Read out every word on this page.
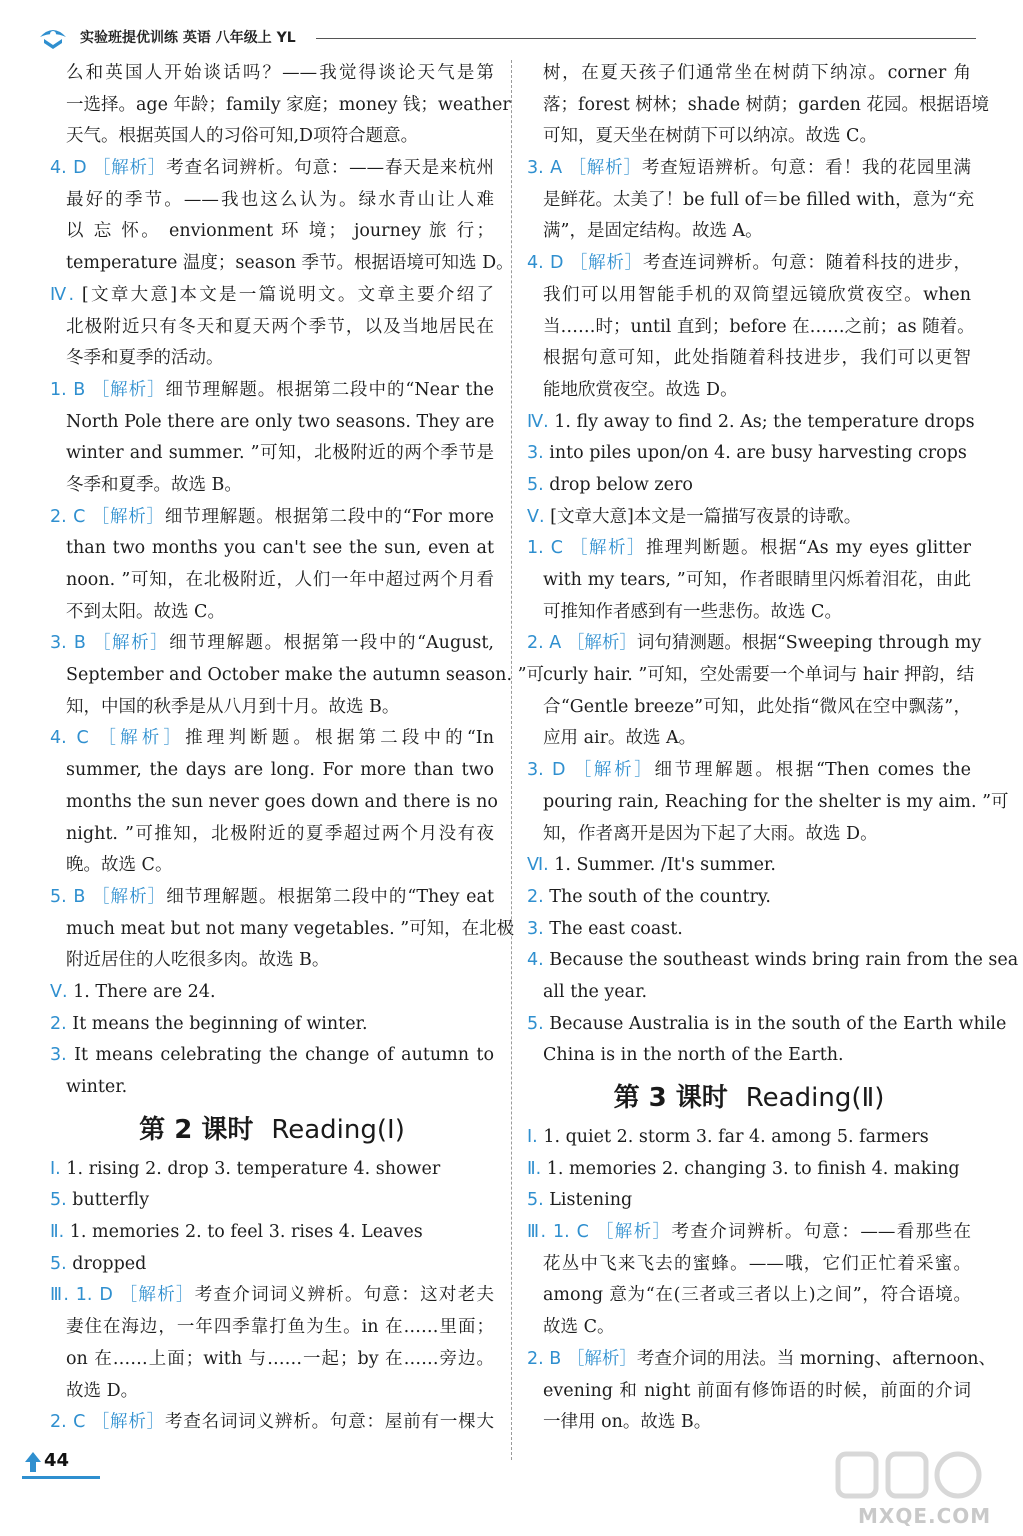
实验班提优训练 英语 八年级上 YL
么和英国人开始谈话吗？——我觉得谈论天气是第
一选择。age 年龄；family 家庭；money 钱；weather
天气。根据英国人的习俗可知,D项符合题意。
4. D ［解析］考查名词辨析。句意：——春天是来杭州
最好的季节。——我也这么认为。绿水青山让人难
以 忘 怀。 envionment 环 境； journey 旅 行；
temperature 温度；season 季节。根据语境可知选 D。
Ⅳ. [文章大意]本文是一篇说明文。文章主要介绍了
北极附近只有冬天和夏天两个季节，以及当地居民在
冬季和夏季的活动。
1. B ［解析］细节理解题。根据第二段中的“Near the
North Pole there are only two seasons. They are
winter and summer. ”可知，北极附近的两个季节是
冬季和夏季。故选 B。
2. C ［解析］细节理解题。根据第二段中的“For more
than two months you can't see the sun, even at
noon. ”可知，在北极附近，人们一年中超过两个月看
不到太阳。故选 C。
3. B ［解析］细节理解题。根据第一段中的“August,
September and October make the autumn season. ”可
知，中国的秋季是从八月到十月。故选 B。
4. C ［解析］推理判断题。根据第二段中的“In
summer, the days are long. For more than two
months the sun never goes down and there is no
night. ”可推知，北极附近的夏季超过两个月没有夜
晚。故选 C。
5. B ［解析］细节理解题。根据第二段中的“They eat
much meat but not many vegetables. ”可知，在北极
附近居住的人吃很多肉。故选 B。
Ⅴ. 1. There are 24.
2. It means the beginning of winter.
3. It means celebrating the change of autumn to
winter.
第 2 课时 Reading(Ⅰ)
Ⅰ. 1. rising 2. drop 3. temperature 4. shower
5. butterfly
Ⅱ. 1. memories 2. to feel 3. rises 4. Leaves
5. dropped
Ⅲ. 1. D ［解析］考查介词词义辨析。句意：这对老夫
妻住在海边，一年四季靠打鱼为生。in 在……里面；
on 在……上面；with 与……一起；by 在……旁边。
故选 D。
2. C ［解析］考查名词词义辨析。句意：屋前有一棵大
树，在夏天孩子们通常坐在树荫下纳凉。corner 角
落；forest 树林；shade 树荫；garden 花园。根据语境
可知，夏天坐在树荫下可以纳凉。故选 C。
3. A ［解析］考查短语辨析。句意：看！我的花园里满
是鲜花。太美了！be full of＝be filled with，意为“充
满”，是固定结构。故选 A。
4. D ［解析］考查连词辨析。句意：随着科技的进步，
我们可以用智能手机的双筒望远镜欣赏夜空。when
当……时；until 直到；before 在……之前；as 随着。
根据句意可知，此处指随着科技进步，我们可以更智
能地欣赏夜空。故选 D。
Ⅳ. 1. fly away to find 2. As; the temperature drops
3. into piles upon/on 4. are busy harvesting crops
5. drop below zero
Ⅴ. [文章大意]本文是一篇描写夜景的诗歌。
1. C ［解析］推理判断题。根据“As my eyes glitter
with my tears, ”可知，作者眼睛里闪烁着泪花，由此
可推知作者感到有一些悲伤。故选 C。
2. A ［解析］词句猜测题。根据“Sweeping through my
curly hair. ”可知，空处需要一个单词与 hair 押韵，结
合“Gentle breeze”可知，此处指“微风在空中飘荡”，
应用 air。故选 A。
3. D ［解析］细节理解题。根据“Then comes the
pouring rain, Reaching for the shelter is my aim. ”可
知，作者离开是因为下起了大雨。故选 D。
Ⅵ. 1. Summer. /It's summer.
2. The south of the country.
3. The east coast.
4. Because the southeast winds bring rain from the sea
all the year.
5. Because Australia is in the south of the Earth while
China is in the north of the Earth.
第 3 课时 Reading(Ⅱ)
Ⅰ. 1. quiet 2. storm 3. far 4. among 5. farmers
Ⅱ. 1. memories 2. changing 3. to finish 4. making
5. Listening
Ⅲ. 1. C ［解析］考查介词辨析。句意：——看那些在
花丛中飞来飞去的蜜蜂。——哦，它们正忙着采蜜。
among 意为“在(三者或三者以上)之间”，符合语境。
故选 C。
2. B ［解析］考查介词的用法。当 morning、afternoon、
evening 和 night 前面有修饰语的时候，前面的介词
一律用 on。故选 B。
44
MXQE.COM
